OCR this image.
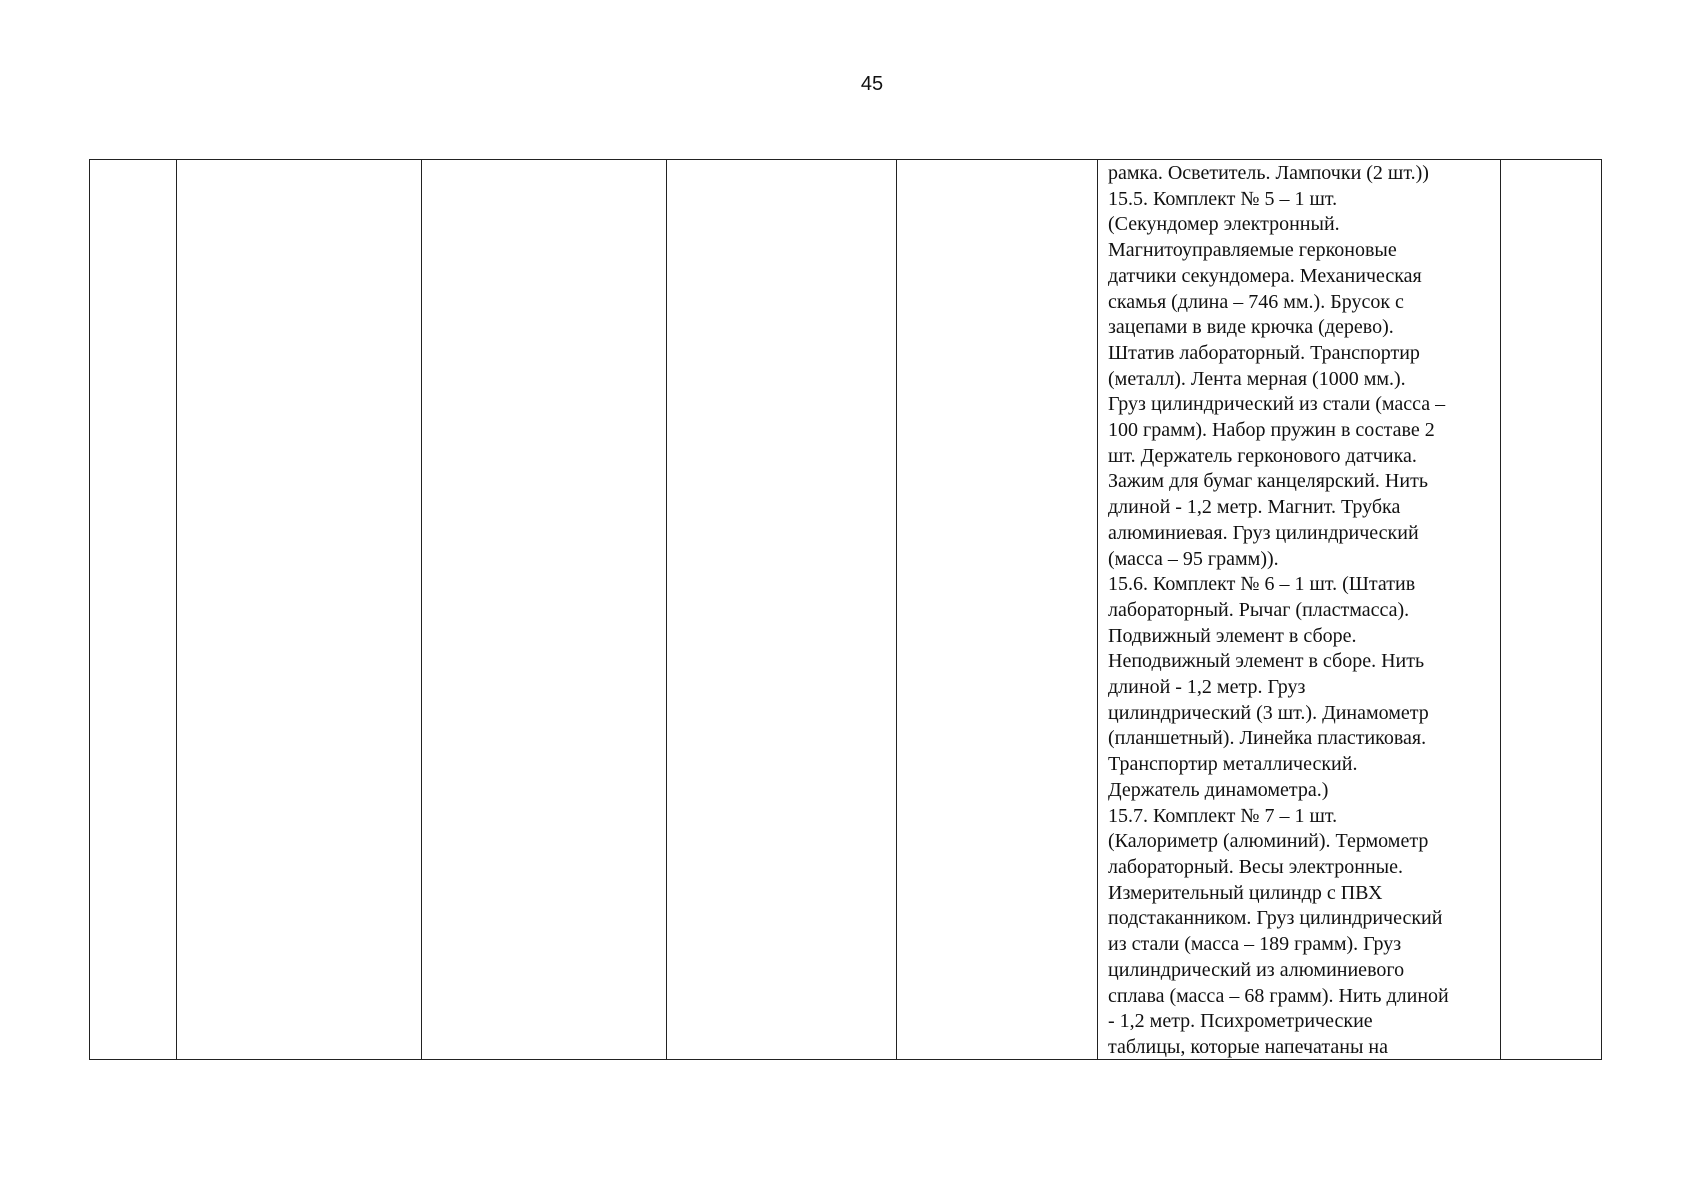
45
рамка. Осветитель. Лампочки (2 шт.))
15.5. Комплект № 5 – 1 шт.
(Секундомер электронный.
Магнитоуправляемые герконовые
датчики секундомера. Механическая
скамья (длина – 746 мм.). Брусок с
зацепами в виде крючка (дерево).
Штатив лабораторный. Транспортир
(металл). Лента мерная (1000 мм.).
Груз цилиндрический из стали (масса –
100 грамм). Набор пружин в составе 2
шт. Держатель герконового датчика.
Зажим для бумаг канцелярский. Нить
длиной - 1,2 метр. Магнит. Трубка
алюминиевая. Груз цилиндрический
(масса – 95 грамм)).
15.6. Комплект № 6 – 1 шт. (Штатив
лабораторный. Рычаг (пластмасса).
Подвижный элемент в сборе.
Неподвижный элемент в сборе. Нить
длиной - 1,2 метр. Груз
цилиндрический (3 шт.). Динамометр
(планшетный). Линейка пластиковая.
Транспортир металлический.
Держатель динамометра.)
15.7. Комплект № 7 – 1 шт.
(Калориметр (алюминий). Термометр
лабораторный. Весы электронные.
Измерительный цилиндр с ПВХ
подстаканником. Груз цилиндрический
из стали (масса – 189 грамм). Груз
цилиндрический из алюминиевого
сплава (масса – 68 грамм). Нить длиной
- 1,2 метр. Психрометрические
таблицы, которые напечатаны на
